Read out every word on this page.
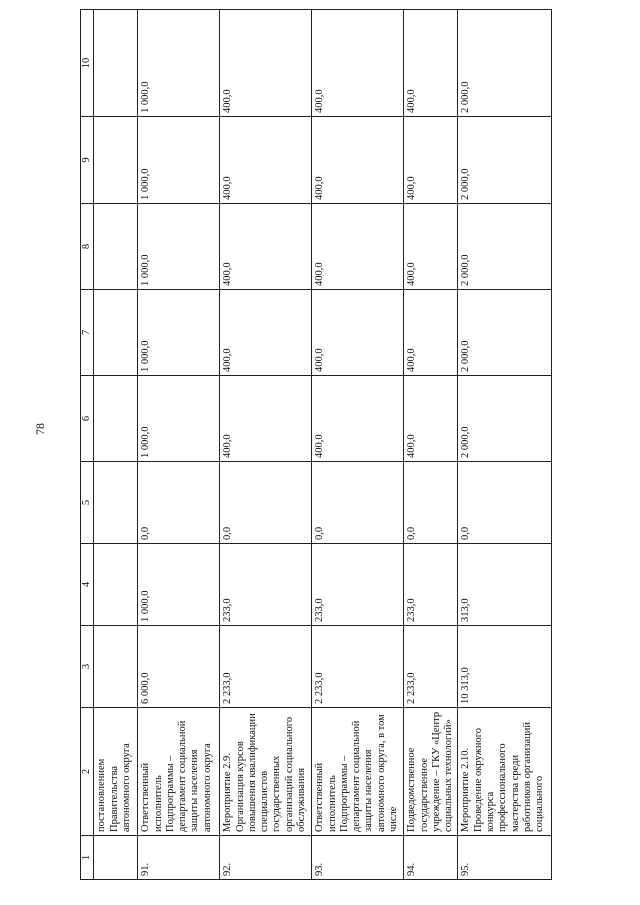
78
1	2	3	4	5	6	7	8	9	10
	постановлением Правительства автономного округа								
91.	Ответственный исполнитель Подпрограммы – департамент социальной защиты населения автономного округа	6 000,0	1 000,0	0,0	1 000,0	1 000,0	1 000,0	1 000,0	1 000,0
92.	Мероприятие 2.9. Организация курсов повышения квалификации специалистов государственных организаций социального обслуживания	2 233,0	233,0	0,0	400,0	400,0	400,0	400,0	400,0
93.	Ответственный исполнитель Подпрограммы – департамент социальной защиты населения автономного округа, в том числе	2 233,0	233,0	0,0	400,0	400,0	400,0	400,0	400,0
94.	Подведомственное государственное учреждение – ГКУ «Центр социальных технологий»	2 233,0	233,0	0,0	400,0	400,0	400,0	400,0	400,0
95.	Мероприятие 2.10. Проведение окружного конкурса профессионального мастерства среди работников организаций социального	10 313,0	313,0	0,0	2 000,0	2 000,0	2 000,0	2 000,0	2 000,0
